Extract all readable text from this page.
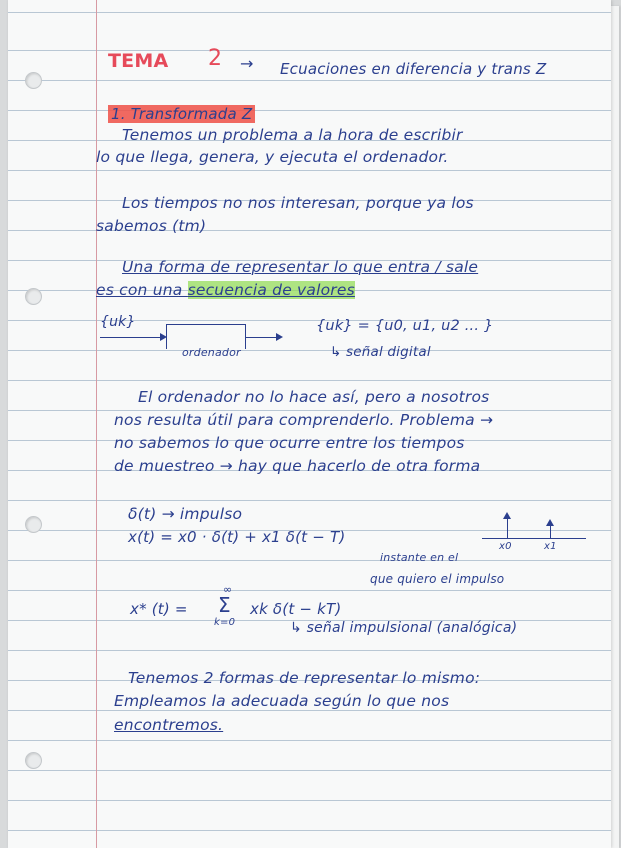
TEMA 2 → Ecuaciones en diferencia y trans Z
1. Transformada Z
Tenemos un problema a la hora de escribir
lo que llega, genera, y ejecuta el ordenador.
Los tiempos no nos interesan, porque ya los
sabemos (tm)
Una forma de representar lo que entra / sale
es con una secuencia de valores
{uk}
ordenador
{uk} = {u0, u1, u2 ... }
↳ señal digital
El ordenador no lo hace así, pero a nosotros
nos resulta útil para comprenderlo. Problema →
no sabemos lo que ocurre entre los tiempos
de muestreo → hay que hacerlo de otra forma
δ(t) → impulso
x(t) = x0 · δ(t) + x1 δ(t − T)
instante en el
que quiero el impulso
x0	x1
x* (t) =
∞
Σ
k=0
xk δ(t − kT)
↳ señal impulsional (analógica)
Tenemos 2 formas de representar lo mismo:
Empleamos la adecuada según lo que nos
encontremos.
